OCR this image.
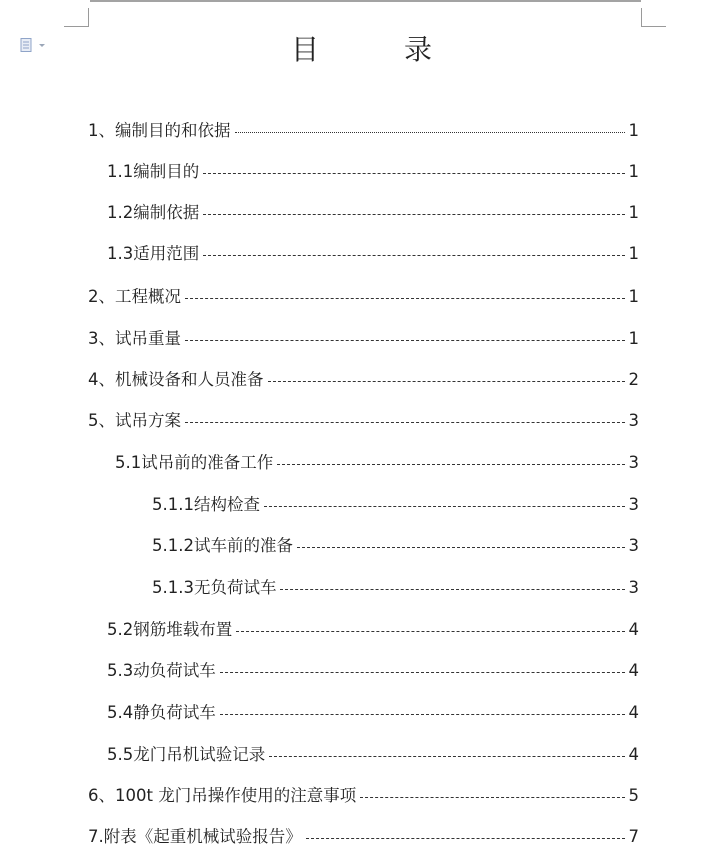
目 录
1、编制目的和依据	1
1.1编制目的	1
1.2编制依据	1
1.3适用范围	1
2、工程概况	1
3、试吊重量	1
4、机械设备和人员准备	2
5、试吊方案	3
5.1试吊前的准备工作	3
5.1.1结构检查	3
5.1.2试车前的准备	3
5.1.3无负荷试车	3
5.2钢筋堆载布置	4
5.3动负荷试车	4
5.4静负荷试车	4
5.5龙门吊机试验记录	4
6、100t 龙门吊操作使用的注意事项	5
7.附表《起重机械试验报告》	7
